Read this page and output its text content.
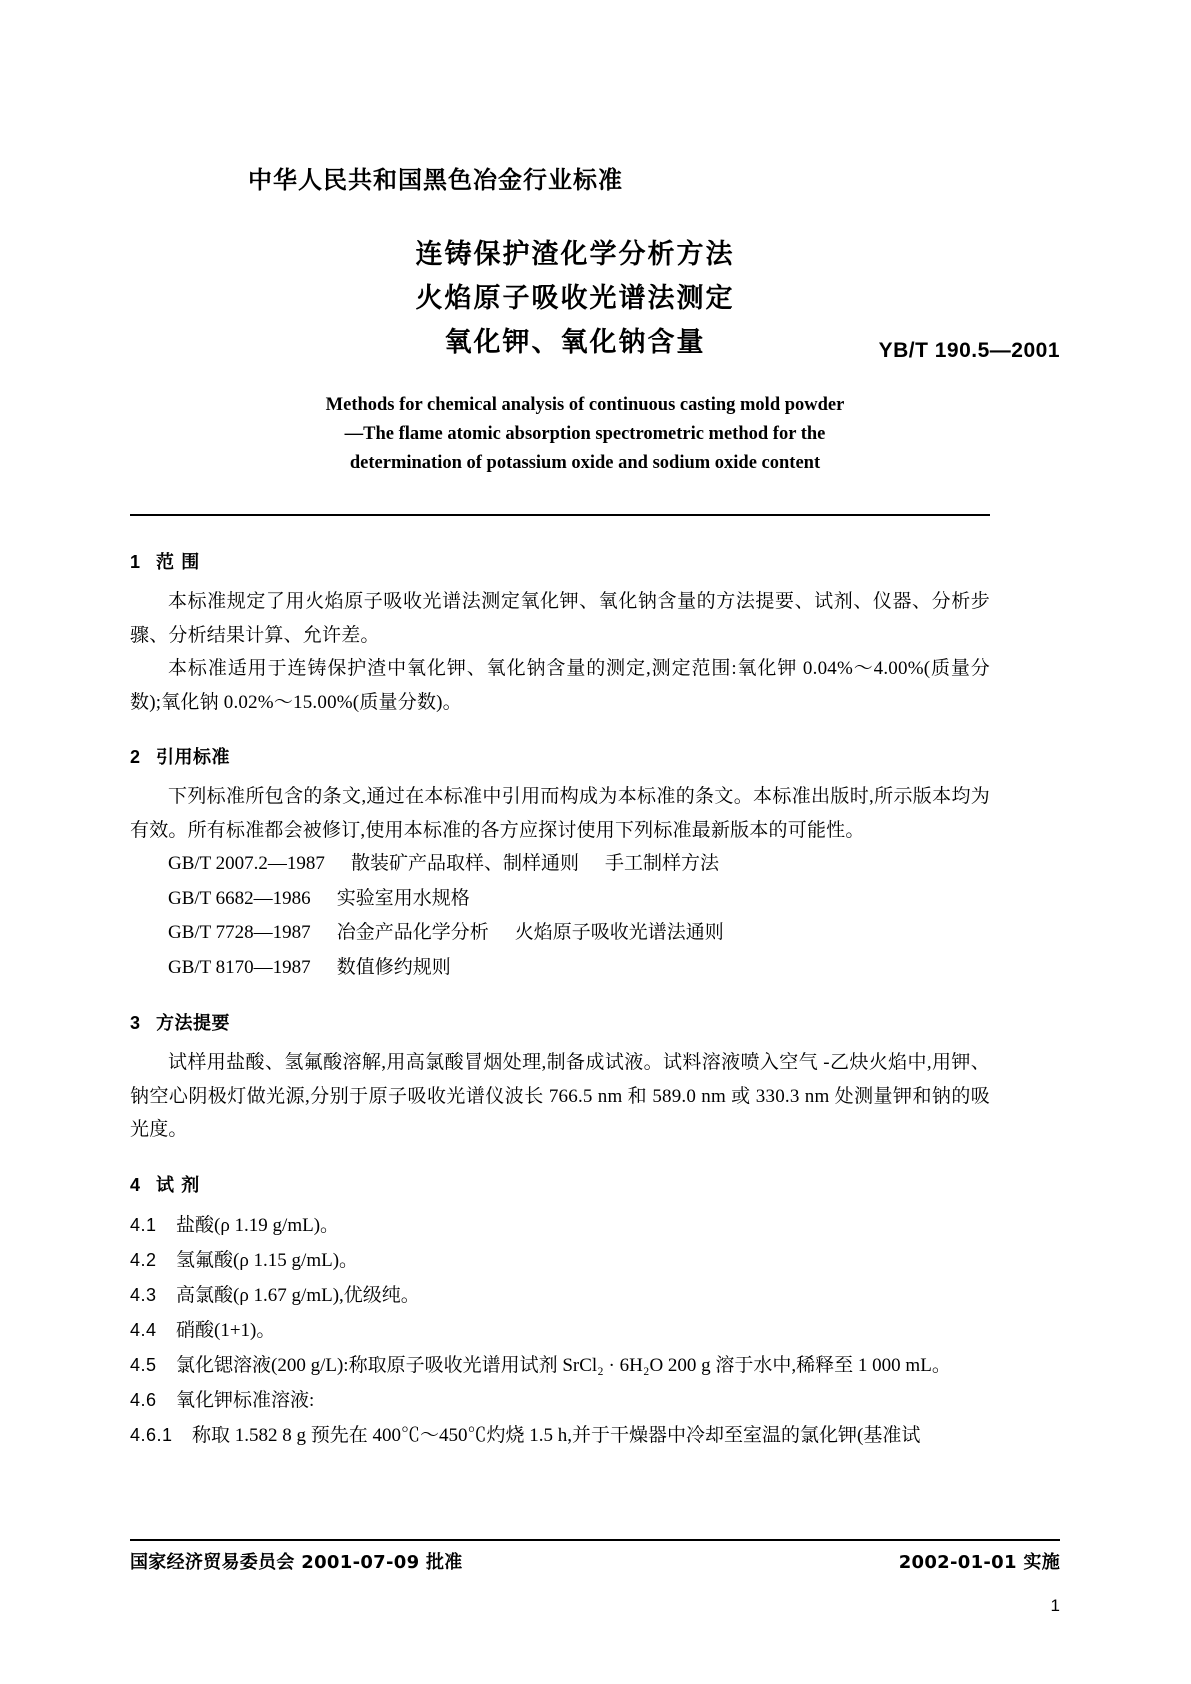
中华人民共和国黑色冶金行业标准
连铸保护渣化学分析方法
火焰原子吸收光谱法测定
氧化钾、氧化钠含量	YB/T 190.5—2001
Methods for chemical analysis of continuous casting mold powder
—The flame atomic absorption spectrometric method for the
determination of potassium oxide and sodium oxide content
1 范 围

本标准规定了用火焰原子吸收光谱法测定氧化钾、氧化钠含量的方法提要、试剂、仪器、分析步骤、分析结果计算、允许差。

本标准适用于连铸保护渣中氧化钾、氧化钠含量的测定,测定范围:氧化钾 0.04%～4.00%(质量分数);氧化钠 0.02%～15.00%(质量分数)。

2 引用标准

下列标准所包含的条文,通过在本标准中引用而构成为本标准的条文。本标准出版时,所示版本均为有效。所有标准都会被修订,使用本标准的各方应探讨使用下列标准最新版本的可能性。

GB/T 2007.2—1987 散装矿产品取样、制样通则 手工制样方法

GB/T 6682—1986 实验室用水规格

GB/T 7728—1987 冶金产品化学分析 火焰原子吸收光谱法通则

GB/T 8170—1987 数值修约规则

3 方法提要

试样用盐酸、氢氟酸溶解,用高氯酸冒烟处理,制备成试液。试料溶液喷入空气 -乙炔火焰中,用钾、钠空心阴极灯做光源,分别于原子吸收光谱仪波长 766.5 nm 和 589.0 nm 或 330.3 nm 处测量钾和钠的吸光度。

4 试 剂

4.1 盐酸(ρ 1.19 g/mL)。

4.2 氢氟酸(ρ 1.15 g/mL)。

4.3 高氯酸(ρ 1.67 g/mL),优级纯。

4.4 硝酸(1+1)。

4.5 氯化锶溶液(200 g/L):称取原子吸收光谱用试剂 SrCl₂ · 6H₂O 200 g 溶于水中,稀释至 1 000 mL。

4.6 氧化钾标准溶液:

4.6.1 称取 1.582 8 g 预先在 400℃～450℃灼烧 1.5 h,并于干燥器中冷却至室温的氯化钾(基准试

国家经济贸易委员会 2001-07-09 批准	2002-01-01 实施
1
